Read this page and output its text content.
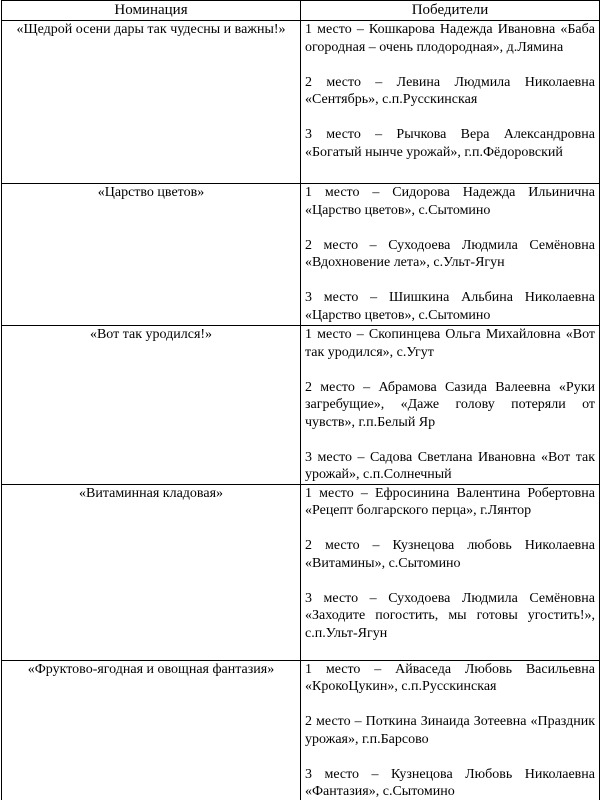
Номинация	Победители
«Щедрой осени дары так чудесны и важны!»	1 место – Кошкарова Надежда Ивановна «Баба огородная – очень плодородная», д.Лямина
2 место – Левина Людмила Николаевна «Сентябрь», с.п.Русскинская
3 место – Рычкова Вера Александровна «Богатый нынче урожай», г.п.Фёдоровский

«Царство цветов»	1 место – Сидорова Надежда Ильинична «Царство цветов», с.Сытомино
2 место – Суходоева Людмила Семёновна «Вдохновение лета», с.Ульт-Ягун
3 место – Шишкина Альбина Николаевна «Царство цветов», с.Сытомино

«Вот так уродился!»	1 место – Скопинцева Ольга Михайловна «Вот так уродился», с.Угут
2 место – Абрамова Сазида Валеевна «Руки загребущие», «Даже голову потеряли от чувств», г.п.Белый Яр
3 место – Садова Светлана Ивановна «Вот так урожай», с.п.Солнечный

«Витаминная кладовая»	1 место – Ефросинина Валентина Робертовна «Рецепт болгарского перца», г.Лянтор
2 место – Кузнецова любовь Николаевна «Витамины», с.Сытомино
3 место – Суходоева Людмила Семёновна «Заходите погостить, мы готовы угостить!», с.п.Ульт-Ягун

«Фруктово-ягодная и овощная фантазия»	1 место – Айваседа Любовь Васильевна «КрокоЦукин», с.п.Русскинская
2 место – Поткина Зинаида Зотеевна «Праздник урожая», г.п.Барсово
3 место – Кузнецова Любовь Николаевна «Фантазия», с.Сытомино
